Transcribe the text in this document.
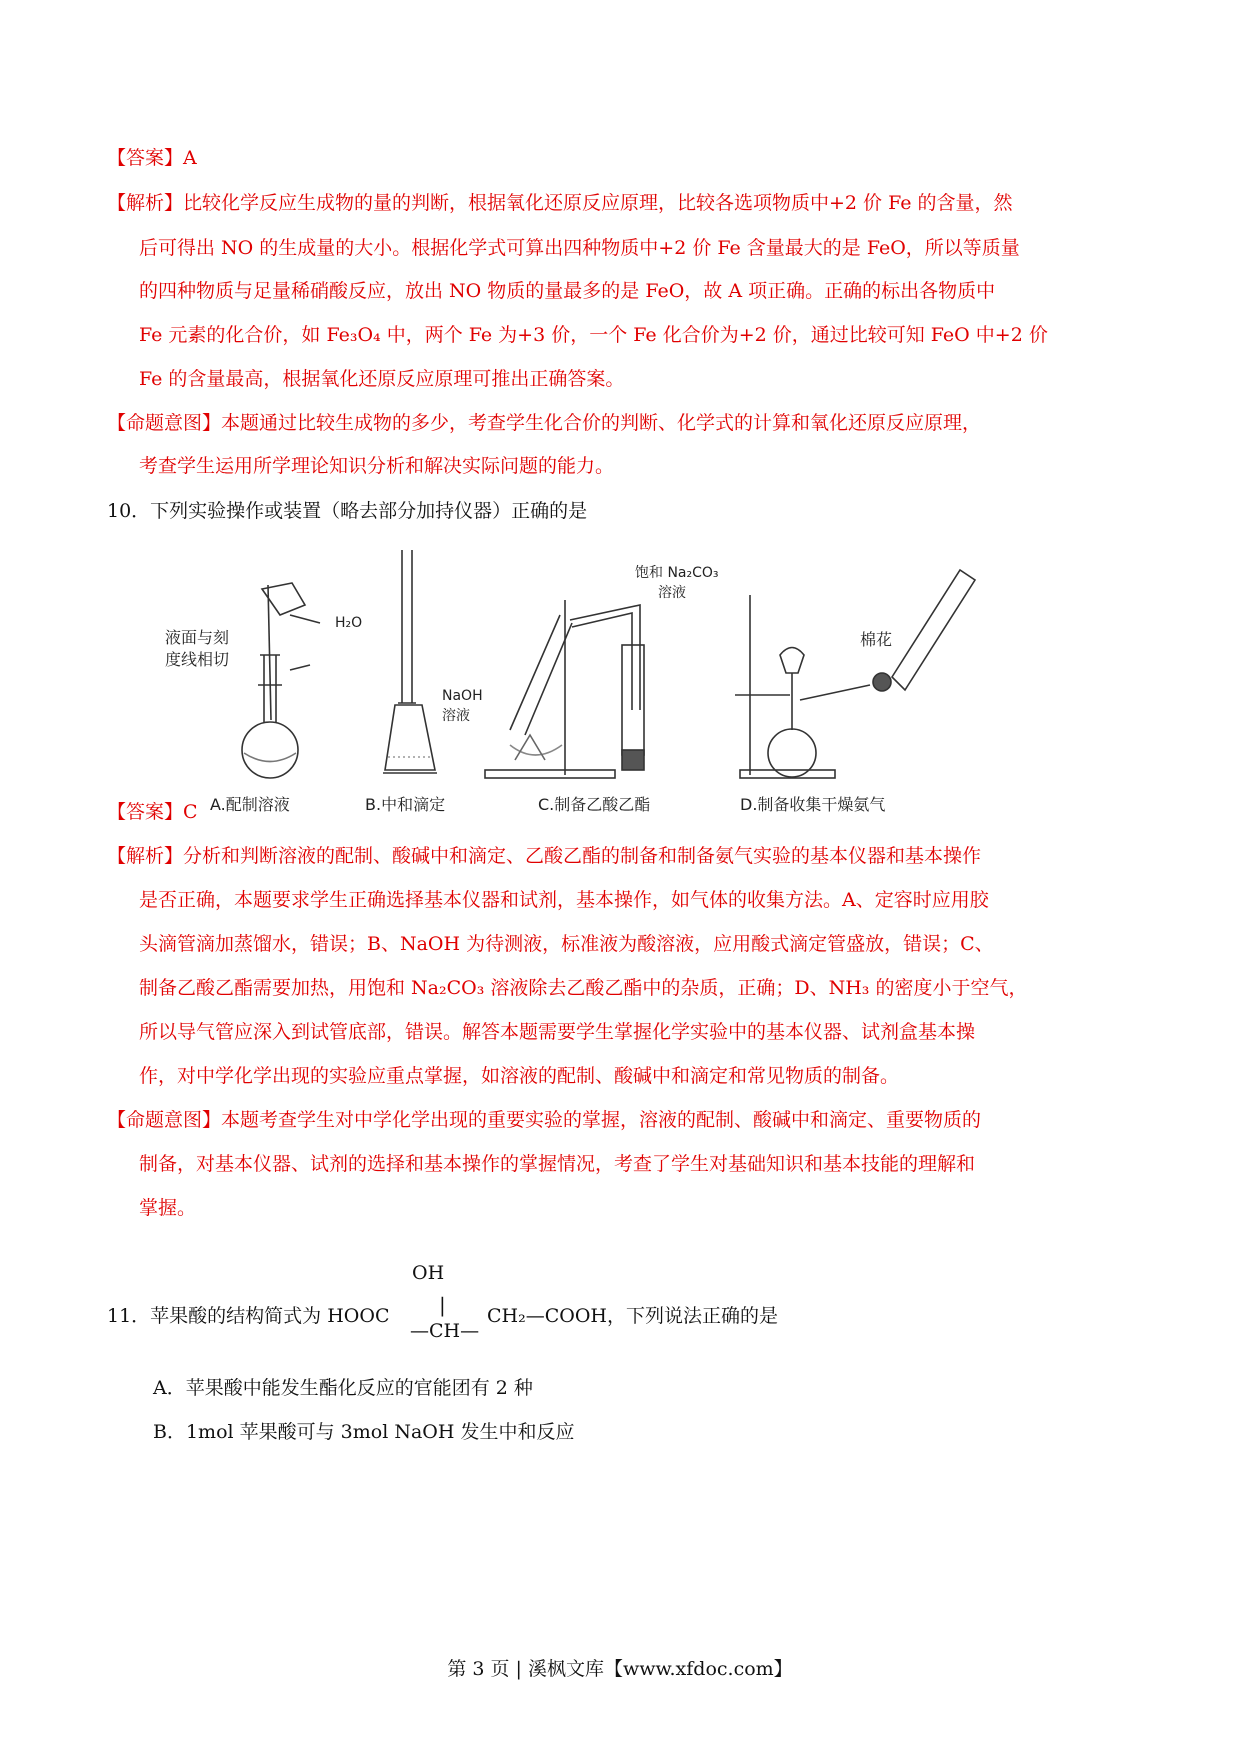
【答案】A
【解析】比较化学反应生成物的量的判断，根据氧化还原反应原理，比较各选项物质中+2 价 Fe 的含量，然
后可得出 NO 的生成量的大小。根据化学式可算出四种物质中+2 价 Fe 含量最大的是 FeO，所以等质量
的四种物质与足量稀硝酸反应，放出 NO 物质的量最多的是 FeO，故 A 项正确。正确的标出各物质中
Fe 元素的化合价，如 Fe₃O₄ 中，两个 Fe 为+3 价，一个 Fe 化合价为+2 价，通过比较可知 FeO 中+2 价
Fe 的含量最高，根据氧化还原反应原理可推出正确答案。
【命题意图】本题通过比较生成物的多少，考查学生化合价的判断、化学式的计算和氧化还原反应原理，
考查学生运用所学理论知识分析和解决实际问题的能力。
10．下列实验操作或装置（略去部分加持仪器）正确的是
H₂O
液面与刻
度线相切
A.配制溶液
NaOH
溶液
B.中和滴定
饱和 Na₂CO₃
溶液
C.制备乙酸乙酯
棉花
D.制备收集干燥氨气
【答案】C
【解析】分析和判断溶液的配制、酸碱中和滴定、乙酸乙酯的制备和制备氨气实验的基本仪器和基本操作
是否正确，本题要求学生正确选择基本仪器和试剂，基本操作，如气体的收集方法。A、定容时应用胶
头滴管滴加蒸馏水，错误；B、NaOH 为待测液，标准液为酸溶液，应用酸式滴定管盛放，错误；C、
制备乙酸乙酯需要加热，用饱和 Na₂CO₃ 溶液除去乙酸乙酯中的杂质，正确；D、NH₃ 的密度小于空气，
所以导气管应深入到试管底部，错误。解答本题需要学生掌握化学实验中的基本仪器、试剂盒基本操
作，对中学化学出现的实验应重点掌握，如溶液的配制、酸碱中和滴定和常见物质的制备。
【命题意图】本题考查学生对中学化学出现的重要实验的掌握，溶液的配制、酸碱中和滴定、重要物质的
制备，对基本仪器、试剂的选择和基本操作的掌握情况，考查了学生对基础知识和基本技能的理解和
掌握。
OH
11．苹果酸的结构简式为 HOOC |
—CH—
CH₂—COOH，下列说法正确的是
A．苹果酸中能发生酯化反应的官能团有 2 种
B．1mol 苹果酸可与 3mol NaOH 发生中和反应
第 3 页 | 溪枫文库【www.xfdoc.com】
